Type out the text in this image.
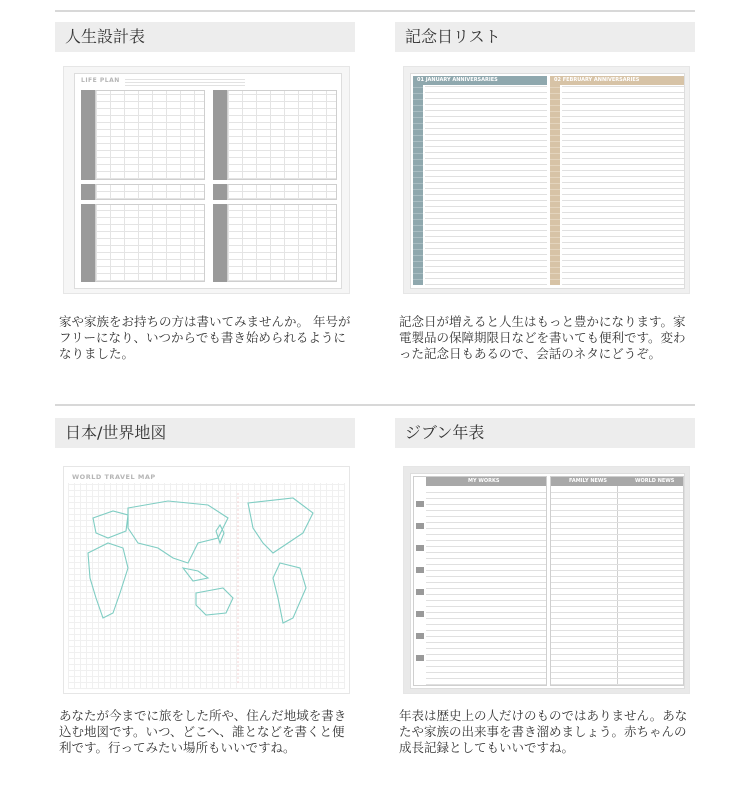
人生設計表
LIFE PLAN
家や家族をお持ちの方は書いてみませんか。 年号がフリーになり、いつからでも書き始められるようになりました。
記念日リスト
01 JANUARY ANNIVERSARIES	02 FEBRUARY ANNIVERSARIES
記念日が増えると人生はもっと豊かになります。家電製品の保障期限日などを書いても便利です。変わった記念日もあるので、会話のネタにどうぞ。
日本/世界地図
WORLD TRAVEL MAP
あなたが今までに旅をした所や、住んだ地域を書き込む地図です。いつ、どこへ、誰となどを書くと便利です。行ってみたい場所もいいですね。
ジブン年表
MY WORKS	FAMILY NEWS	WORLD NEWS
年表は歴史上の人だけのものではありません。あなたや家族の出来事を書き溜めましょう。赤ちゃんの成長記録としてもいいですね。
